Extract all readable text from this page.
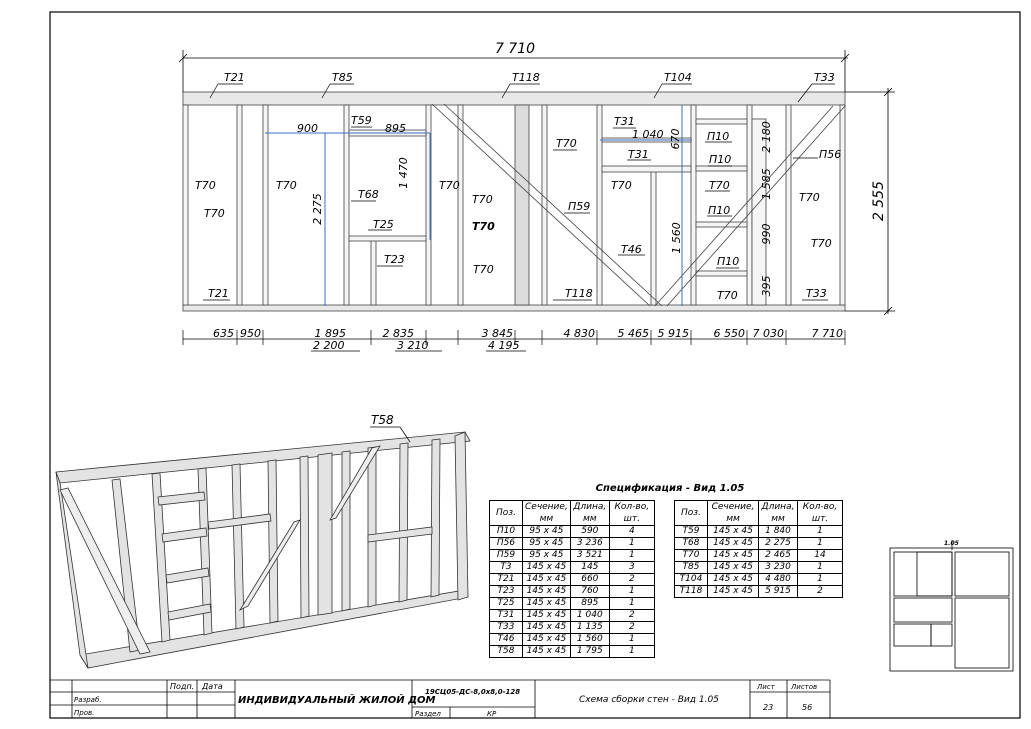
7 710
2 555
T21	T85	T118	T104	T33
T59	T31
T31
П10
П10
П10
П10
П56
T70
T70
T70	T70
T70
T70
T70
T70
T70	T70
T70
T70
T70
T68
T25
T23
П59
T46
T21	T118	T33
900	895
1 470
2 275
1 040 670	2 180
1 585
990
395
1 560
635 950	1 895	2 835	3 845	4 830 5 465 5 915 6 550 7 030	7 710
2 200	3 210	4 195
T58
1.05
Подп. Дата
Разраб.
Пров.
ИНДИВИДУАЛЬНЫЙ ЖИЛОЙ ДОМ
19СЦ05-ДС-8,0х8,0-128
Раздел	КР
Схема сборки стен - Вид 1.05
Лист Листов
23	56
Спецификация - Вид 1.05
Поз.	Сечение, мм	Длина, мм	Кол-во, шт.
П10	95 x 45	590	4
П56	95 x 45	3 236	1
П59	95 x 45	3 521	1
T3	145 x 45	145	3
T21	145 x 45	660	2
T23	145 x 45	760	1
T25	145 x 45	895	1
T31	145 x 45	1 040	2
T33	145 x 45	1 135	2
T46	145 x 45	1 560	1
T58	145 x 45	1 795	1
Поз.	Сечение, мм	Длина, мм	Кол-во, шт.
T59	145 x 45	1 840	1
T68	145 x 45	2 275	1
T70	145 x 45	2 465	14
T85	145 x 45	3 230	1
T104	145 x 45	4 480	1
T118	145 x 45	5 915	2
